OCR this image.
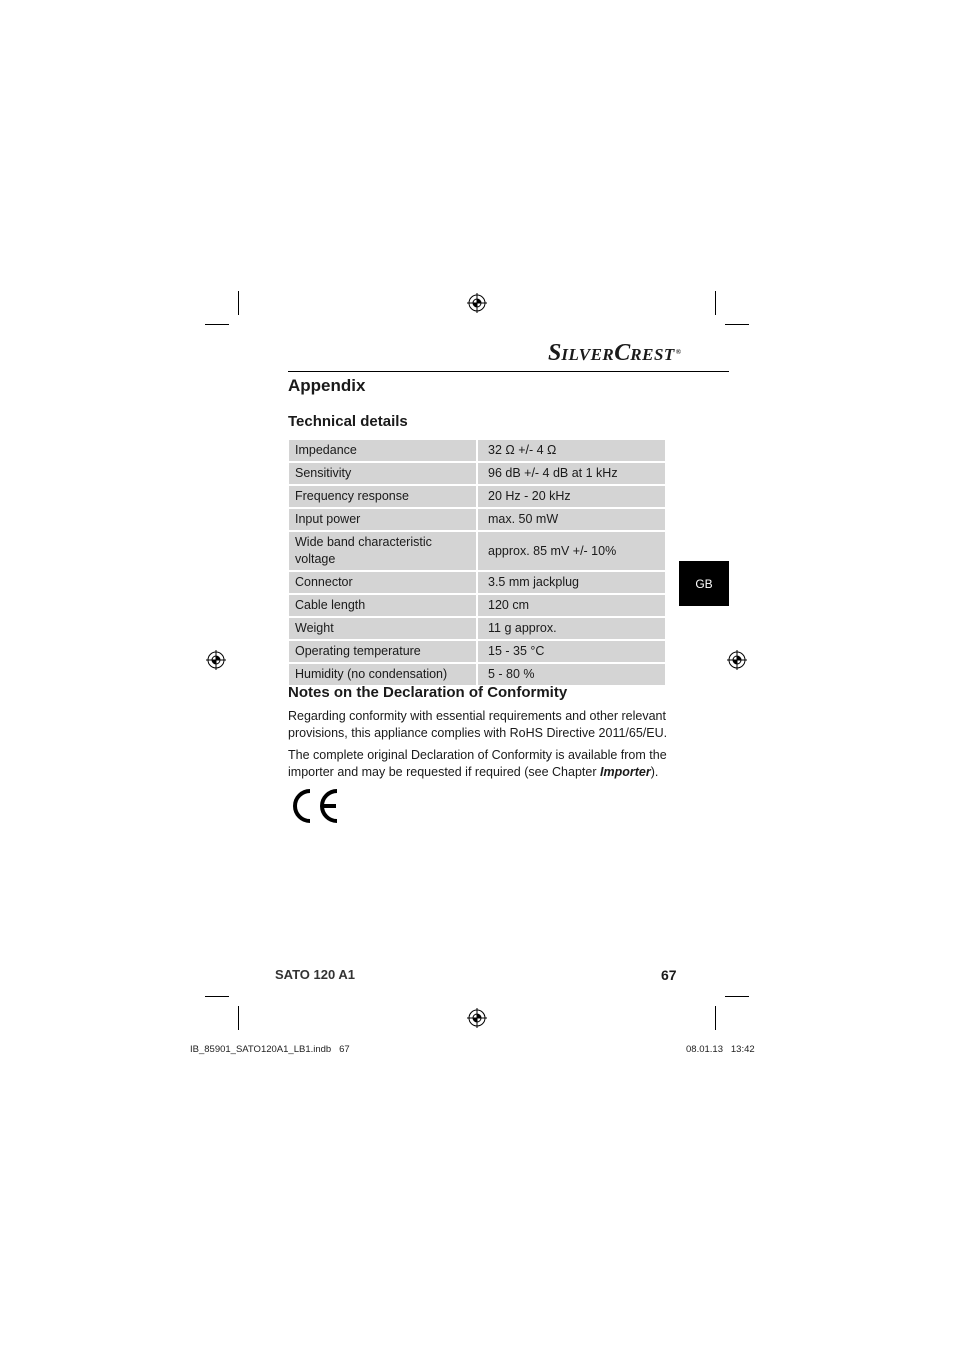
S ILVER C REST ®
Appendix
Technical details
Impedance	32 Ω +/- 4 Ω
Sensitivity	96 dB +/- 4 dB at 1 kHz
Frequency response	20 Hz - 20 kHz
Input power	max. 50 mW
Wide band characteristic voltage	approx. 85 mV +/- 10%
Connector	3.5 mm jackplug
Cable length	120 cm
Weight	11 g approx.
Operating temperature	15 - 35 °C
Humidity (no condensation)	5 - 80 %
GB
Notes on the Declaration of Conformity

Regarding conformity with essential requirements and other relevant provisions, this appliance complies with RoHS Directive 2011/65/EU.

The complete original Declaration of Conformity is available from the importer and may be requested if required (see Chapter Importer).

SATO 120 A1	67
IB_85901_SATO120A1_LB1.indb   67	08.01.13   13:42
